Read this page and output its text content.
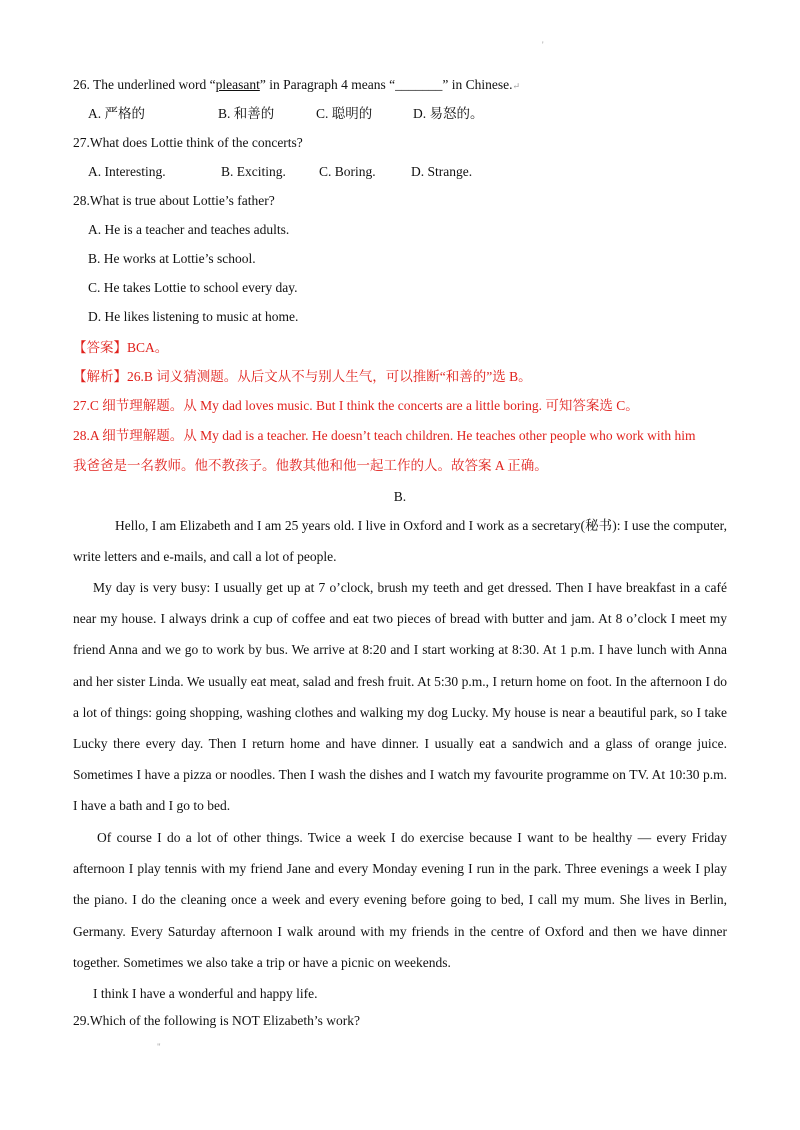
'
26. The underlined word “pleasant” in Paragraph 4 means “_______” in Chinese.↵
A. 严格的	B. 和善的	C. 聪明的	D. 易怒的。
27.What does Lottie think of the concerts?
A. Interesting.	B. Exciting. C. Boring.	D. Strange.
28.What is true about Lottie’s father?
A. He is a teacher and teaches adults.
B. He works at Lottie’s school.
C. He takes Lottie to school every day.
D. He likes listening to music at home.
【答案】BCA。
【解析】26.B 词义猜测题。从后文从不与别人生气，可以推断“和善的”选 B。
27.C 细节理解题。从 My dad loves music. But I think the concerts are a little boring. 可知答案选 C。
28.A 细节理解题。从 My dad is a teacher. He doesn’t teach children. He teaches other people who work with him
我爸爸是一名教师。他不教孩子。他教其他和他一起工作的人。故答案 A 正确。
B.

Hello, I am Elizabeth and I am 25 years old. I live in Oxford and I work as a secretary(秘书): I use the computer, write letters and e-mails, and call a lot of people.

My day is very busy: I usually get up at 7 o’clock, brush my teeth and get dressed. Then I have breakfast in a café near my house. I always drink a cup of coffee and eat two pieces of bread with butter and jam. At 8 o’clock I meet my friend Anna and we go to work by bus. We arrive at 8:20 and I start working at 8:30. At 1 p.m. I have lunch with Anna and her sister Linda. We usually eat meat, salad and fresh fruit. At 5:30 p.m., I return home on foot. In the afternoon I do a lot of things: going shopping, washing clothes and walking my dog Lucky. My house is near a beautiful park, so I take Lucky there every day. Then I return home and have dinner. I usually eat a sandwich and a glass of orange juice. Sometimes I have a pizza or noodles. Then I wash the dishes and I watch my favourite programme on TV. At 10:30 p.m. I have a bath and I go to bed.

Of course I do a lot of other things. Twice a week I do exercise because I want to be healthy — every Friday afternoon I play tennis with my friend Jane and every Monday evening I run in the park. Three evenings a week I play the piano. I do the cleaning once a week and every evening before going to bed, I call my mum. She lives in Berlin, Germany. Every Saturday afternoon I walk around with my friends in the centre of Oxford and then we have dinner together. Sometimes we also take a trip or have a picnic on weekends.

I think I have a wonderful and happy life.

29.Which of the following is NOT Elizabeth’s work?
"
